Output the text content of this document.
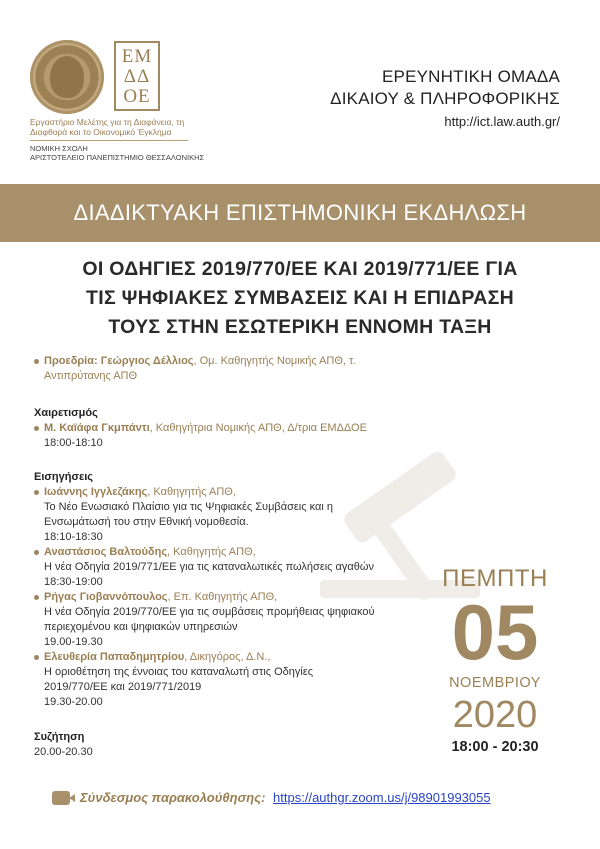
ΕΜ
ΔΔ
ΟΕ
Εργαστήριο Μελέτης για τη Διαφάνεια, τη Διαφθορά και το Οικονομικό Έγκλημα
ΝΟΜΙΚΗ ΣΧΟΛΗ
ΑΡΙΣΤΟΤΕΛΕΙΟ ΠΑΝΕΠΙΣΤΗΜΙΟ ΘΕΣΣΑΛΟΝΙΚΗΣ
ΕΡΕΥΝΗΤΙΚΗ ΟΜΑΔΑ
ΔΙΚΑΙΟΥ & ΠΛΗΡΟΦΟΡΙΚΗΣ
http://ict.law.auth.gr/
ΔΙΑΔΙΚΤΥΑΚΗ ΕΠΙΣΤΗΜΟΝΙΚΗ ΕΚΔΗΛΩΣΗ
ΟΙ ΟΔΗΓΙΕΣ 2019/770/ΕΕ ΚΑΙ 2019/771/ΕΕ ΓΙΑ
ΤΙΣ ΨΗΦΙΑΚΕΣ ΣΥΜΒΑΣΕΙΣ ΚΑΙ Η ΕΠΙΔΡΑΣΗ
ΤΟΥΣ ΣΤΗΝ ΕΣΩΤΕΡΙΚΗ ΕΝΝΟΜΗ ΤΑΞΗ
Προεδρία: Γεώργιος Δέλλιος, Ομ. Καθηγητής Νομικής ΑΠΘ, τ.
Αντιπρύτανης ΑΠΘ
Χαιρετισμός
Μ. Καϊάφα Γκμπάντι, Καθηγήτρια Νομικής ΑΠΘ, Δ/τρια ΕΜΔΔΟΕ
18:00-18:10
Εισηγήσεις
Ιωάννης Ιγγλεζάκης, Καθηγητής ΑΠΘ,
Το Νέο Ενωσιακό Πλαίσιο για τις Ψηφιακές Συμβάσεις και η
Ενσωμάτωσή του στην Εθνική νομοθεσία.
18:10-18:30
Αναστάσιος Βαλτούδης, Καθηγητής ΑΠΘ,
Η νέα Οδηγία 2019/771/ΕΕ για τις καταναλωτικές πωλήσεις αγαθών
18:30-19:00
Ρήγας Γιοβαννόπουλος, Επ. Καθηγητής ΑΠΘ,
Η νέα Οδηγία 2019/770/ΕΕ για τις συμβάσεις προμήθειας ψηφιακού
περιεχομένου και ψηφιακών υπηρεσιών
19.00-19.30
Ελευθερία Παπαδημητρίου, Δικηγόρος, Δ.Ν.,
Η οριοθέτηση της έννοιας του καταναλωτή στις Οδηγίες
2019/770/ΕΕ και 2019/771/2019
19.30-20.00
Συζήτηση
20.00-20.30
ΠΕΜΠΤΗ
05
ΝΟΕΜΒΡΙΟΥ
2020
18:00 - 20:30
Σύνδεσμος παρακολούθησης: https://authgr.zoom.us/j/98901993055
